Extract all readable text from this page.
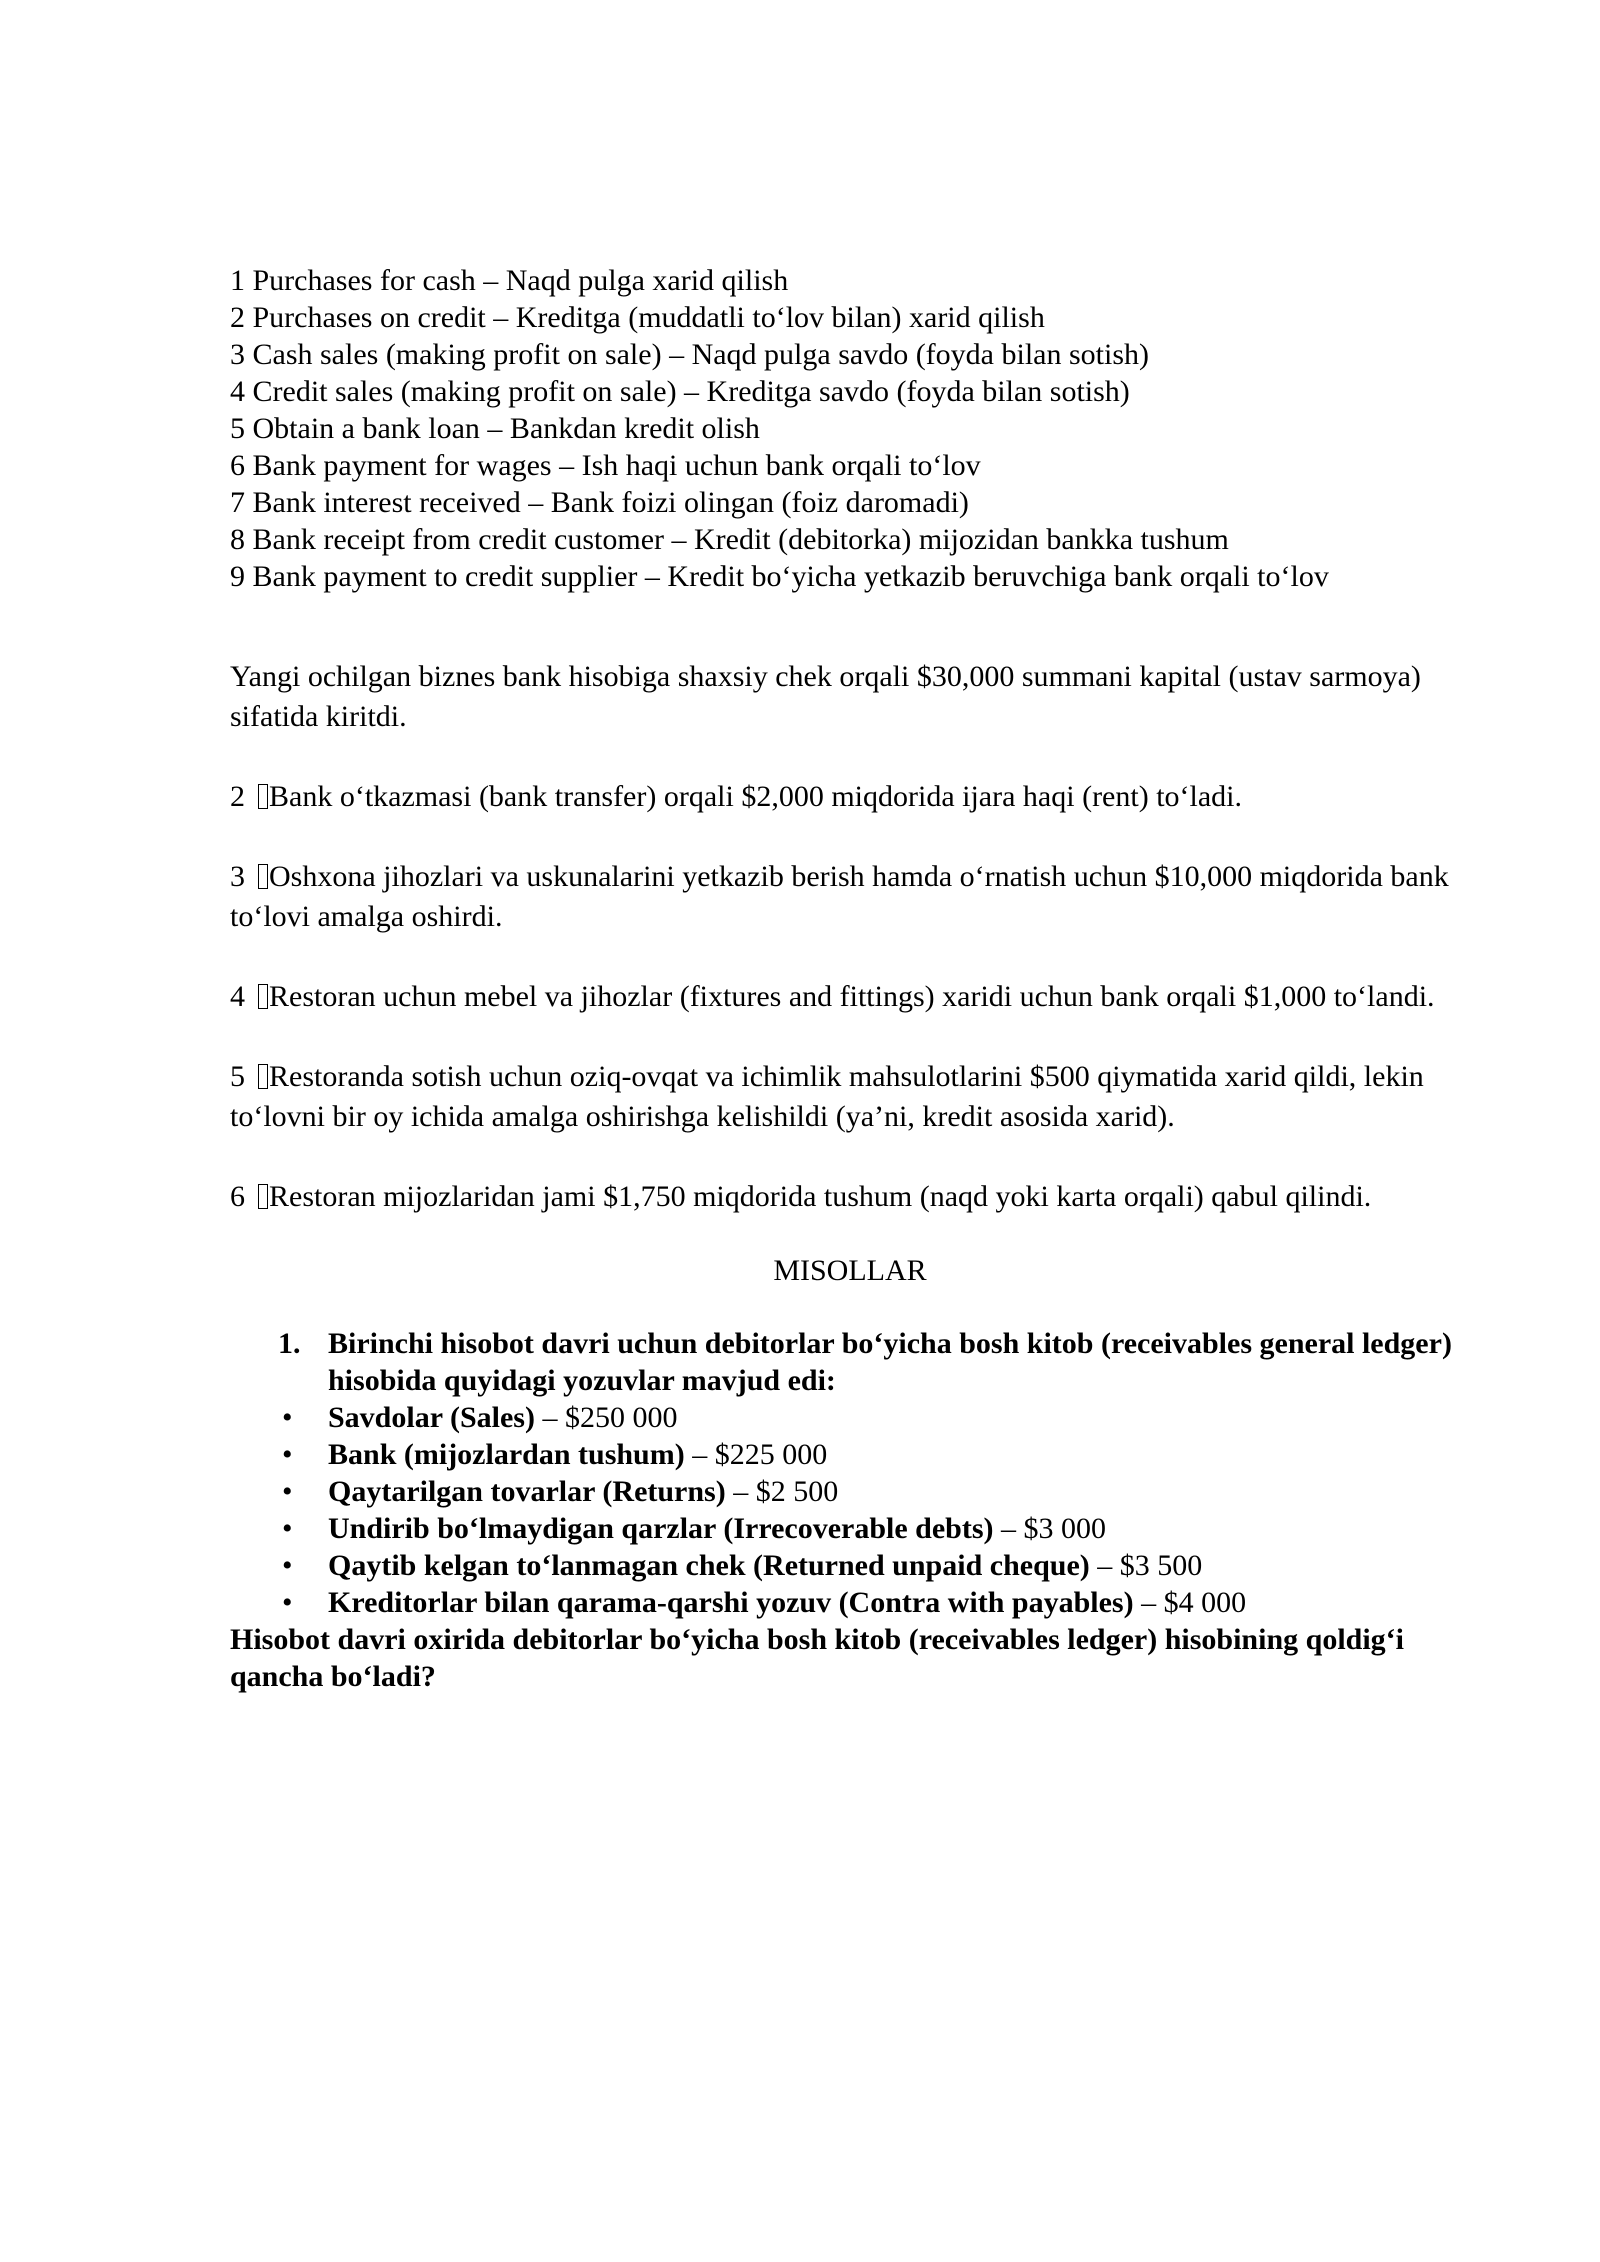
1 Purchases for cash – Naqd pulga xarid qilish
2 Purchases on credit – Kreditga (muddatli to‘lov bilan) xarid qilish
3 Cash sales (making profit on sale) – Naqd pulga savdo (foyda bilan sotish)
4 Credit sales (making profit on sale) – Kreditga savdo (foyda bilan sotish)
5 Obtain a bank loan – Bankdan kredit olish
6 Bank payment for wages – Ish haqi uchun bank orqali to‘lov
7 Bank interest received – Bank foizi olingan (foiz daromadi)
8 Bank receipt from credit customer – Kredit (debitorka) mijozidan bankka tushum
9 Bank payment to credit supplier – Kredit bo‘yicha yetkazib beruvchiga bank orqali to‘lov

Yangi ochilgan biznes bank hisobiga shaxsiy chek orqali $30,000 summani kapital (ustav sarmoya) sifatida kiritdi.

2 Bank o‘tkazmasi (bank transfer) orqali $2,000 miqdorida ijara haqi (rent) to‘ladi.

3 Oshxona jihozlari va uskunalarini yetkazib berish hamda o‘rnatish uchun $10,000 miqdorida bank to‘lovi amalga oshirdi.

4 Restoran uchun mebel va jihozlar (fixtures and fittings) xaridi uchun bank orqali $1,000 to‘landi.

5 Restoranda sotish uchun oziq-ovqat va ichimlik mahsulotlarini $500 qiymatida xarid qildi, lekin to‘lovni bir oy ichida amalga oshirishga kelishildi (ya’ni, kredit asosida xarid).

6 Restoran mijozlaridan jami $1,750 miqdorida tushum (naqd yoki karta orqali) qabul qilindi.

MISOLLAR

1. Birinchi hisobot davri uchun debitorlar bo‘yicha bosh kitob (receivables general ledger) hisobida quyidagi yozuvlar mavjud edi:
• Savdolar (Sales) – $250 000
• Bank (mijozlardan tushum) – $225 000
• Qaytarilgan tovarlar (Returns) – $2 500
• Undirib bo‘lmaydigan qarzlar (Irrecoverable debts) – $3 000
• Qaytib kelgan to‘lanmagan chek (Returned unpaid cheque) – $3 500
• Kreditorlar bilan qarama-qarshi yozuv (Contra with payables) – $4 000

Hisobot davri oxirida debitorlar bo‘yicha bosh kitob (receivables ledger) hisobining qoldig‘i qancha bo‘ladi?
